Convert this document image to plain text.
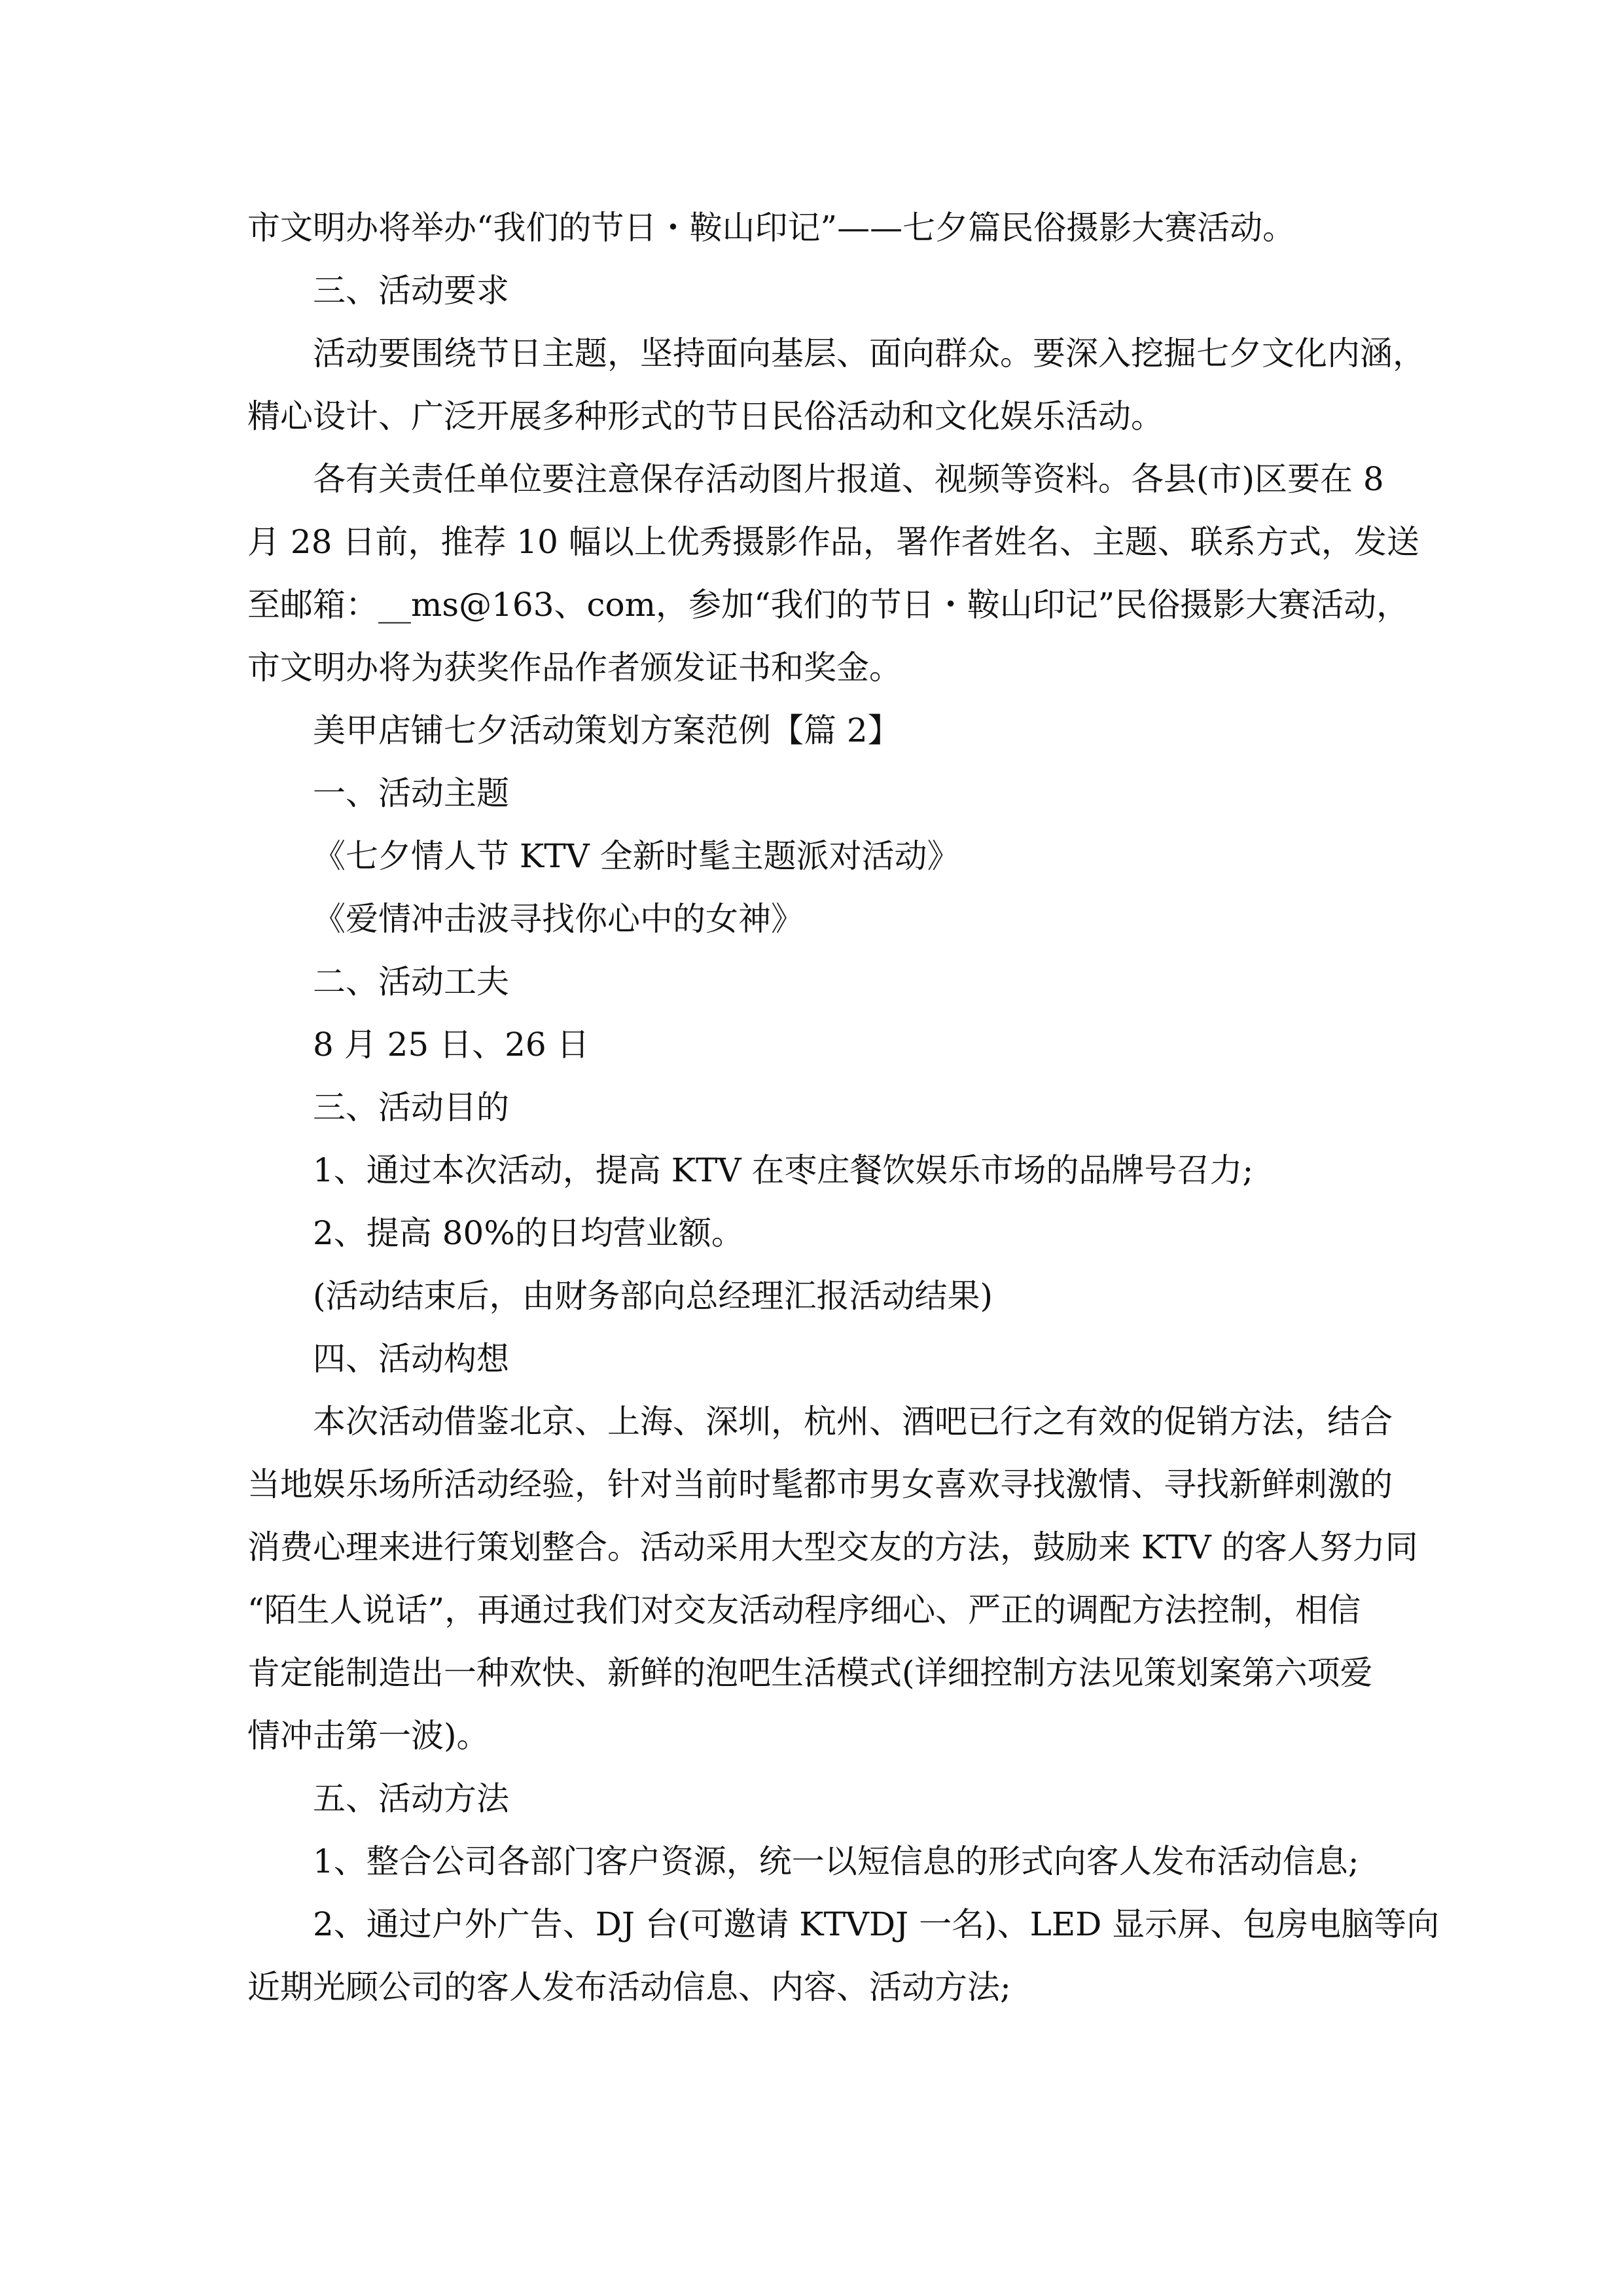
市文明办将举办“我们的节日・鞍山印记”——七夕篇民俗摄影大赛活动。
三、活动要求
活动要围绕节日主题，坚持面向基层、面向群众。要深入挖掘七夕文化内涵，
精心设计、广泛开展多种形式的节日民俗活动和文化娱乐活动。
各有关责任单位要注意保存活动图片报道、视频等资料。各县(市)区要在 8
月 28 日前，推荐 10 幅以上优秀摄影作品，署作者姓名、主题、联系方式，发送
至邮箱：__ms@163、com，参加“我们的节日・鞍山印记”民俗摄影大赛活动，
市文明办将为获奖作品作者颁发证书和奖金。
美甲店铺七夕活动策划方案范例【篇 2】
一、活动主题
《七夕情人节 KTV 全新时髦主题派对活动》
《爱情冲击波寻找你心中的女神》
二、活动工夫
8 月 25 日、26 日
三、活动目的
1、通过本次活动，提高 KTV 在枣庄餐饮娱乐市场的品牌号召力;
2、提高 80%的日均营业额。
(活动结束后，由财务部向总经理汇报活动结果)
四、活动构想
本次活动借鉴北京、上海、深圳，杭州、酒吧已行之有效的促销方法，结合
当地娱乐场所活动经验，针对当前时髦都市男女喜欢寻找激情、寻找新鲜刺激的
消费心理来进行策划整合。活动采用大型交友的方法，鼓励来 KTV 的客人努力同
“陌生人说话”，再通过我们对交友活动程序细心、严正的调配方法控制，相信
肯定能制造出一种欢快、新鲜的泡吧生活模式(详细控制方法见策划案第六项爱
情冲击第一波)。
五、活动方法
1、整合公司各部门客户资源，统一以短信息的形式向客人发布活动信息;
2、通过户外广告、DJ 台(可邀请 KTVDJ 一名)、LED 显示屏、包房电脑等向
近期光顾公司的客人发布活动信息、内容、活动方法;
